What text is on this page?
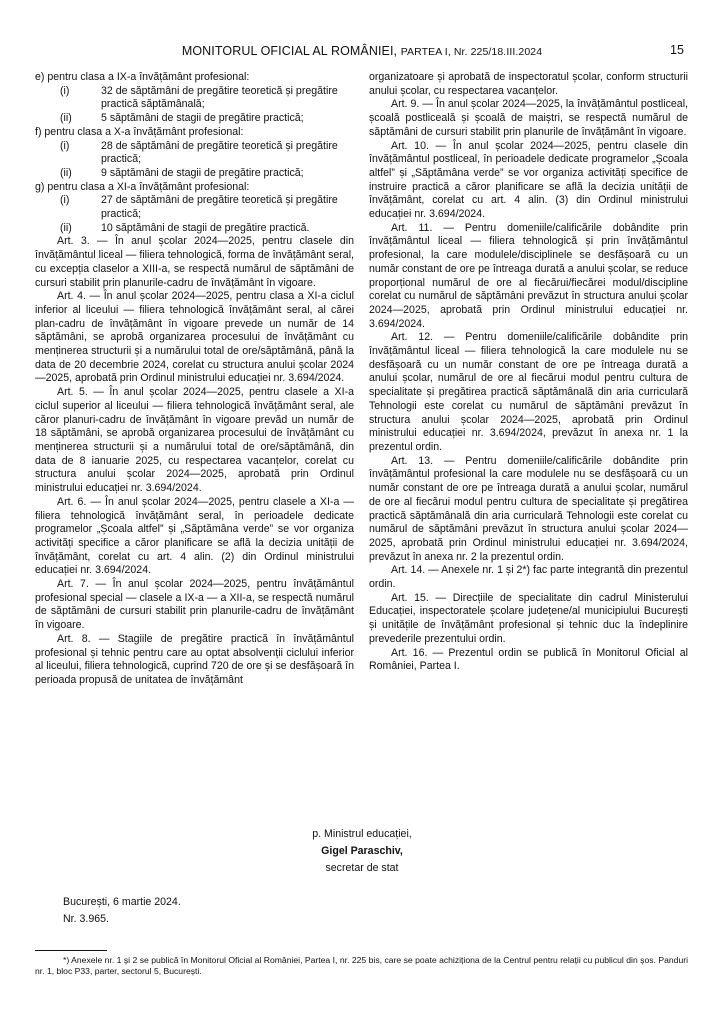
MONITORUL OFICIAL AL ROMÂNIEI, PARTEA I, Nr. 225/18.III.2024	15

e) pentru clasa a IX-a învățământ profesional:

(i)	32 de săptămâni de pregătire teoretică și pregătire practică săptămânală;

(ii)	5 săptămâni de stagii de pregătire practică;

f) pentru clasa a X-a învățământ profesional:

(i)	28 de săptămâni de pregătire teoretică și pregătire practică;

(ii)	9 săptămâni de stagii de pregătire practică;

g) pentru clasa a XI-a învățământ profesional:

(i)	27 de săptămâni de pregătire teoretică și pregătire practică;

(ii)	10 săptămâni de stagii de pregătire practică.

Art. 3. — În anul școlar 2024—2025, pentru clasele din învățământul liceal — filiera tehnologică, forma de învățământ seral, cu excepția claselor a XIII-a, se respectă numărul de săptămâni de cursuri stabilit prin planurile-cadru de învățământ în vigoare.

Art. 4. — În anul școlar 2024—2025, pentru clasa a XI-a ciclul inferior al liceului — filiera tehnologică învățământ seral, al cărei plan-cadru de învățământ în vigoare prevede un număr de 14 săptămâni, se aprobă organizarea procesului de învățământ cu menținerea structurii și a numărului total de ore/săptămână, până la data de 20 decembrie 2024, corelat cu structura anului școlar 2024—2025, aprobată prin Ordinul ministrului educației nr. 3.694/2024.

Art. 5. — În anul școlar 2024—2025, pentru clasele a XI-a ciclul superior al liceului — filiera tehnologică învățământ seral, ale căror planuri-cadru de învățământ în vigoare prevăd un număr de 18 săptămâni, se aprobă organizarea procesului de învățământ cu menținerea structurii și a numărului total de ore/săptămână, din data de 8 ianuarie 2025, cu respectarea vacanțelor, corelat cu structura anului școlar 2024—2025, aprobată prin Ordinul ministrului educației nr. 3.694/2024.

Art. 6. — În anul școlar 2024—2025, pentru clasele a XI-a — filiera tehnologică învățământ seral, în perioadele dedicate programelor „Școala altfel” și „Săptămâna verde” se vor organiza activități specifice a căror planificare se află la decizia unității de învățământ, corelat cu art. 4 alin. (2) din Ordinul ministrului educației nr. 3.694/2024.

Art. 7. — În anul școlar 2024—2025, pentru învățământul profesional special — clasele a IX-a — a XII-a, se respectă numărul de săptămâni de cursuri stabilit prin planurile-cadru de învățământ în vigoare.

Art. 8. — Stagiile de pregătire practică în învățământul profesional și tehnic pentru care au optat absolvenții ciclului inferior al liceului, filiera tehnologică, cuprind 720 de ore și se desfășoară în perioada propusă de unitatea de învățământ

organizatoare și aprobată de inspectoratul școlar, conform structurii anului școlar, cu respectarea vacanțelor.

Art. 9. — În anul școlar 2024—2025, la învățământul postliceal, școală postliceală și școală de maiștri, se respectă numărul de săptămâni de cursuri stabilit prin planurile de învățământ în vigoare.

Art. 10. — În anul școlar 2024—2025, pentru clasele din învățământul postliceal, în perioadele dedicate programelor „Școala altfel” și „Săptămâna verde” se vor organiza activități specifice de instruire practică a căror planificare se află la decizia unității de învățământ, corelat cu art. 4 alin. (3) din Ordinul ministrului educației nr. 3.694/2024.

Art. 11. — Pentru domeniile/calificările dobândite prin învățământul liceal — filiera tehnologică și prin învățământul profesional, la care modulele/disciplinele se desfășoară cu un număr constant de ore pe întreaga durată a anului școlar, se reduce proporțional numărul de ore al fiecărui/fiecărei modul/discipline corelat cu numărul de săptămâni prevăzut în structura anului școlar 2024—2025, aprobată prin Ordinul ministrului educației nr. 3.694/2024.

Art. 12. — Pentru domeniile/calificările dobândite prin învățământul liceal — filiera tehnologică la care modulele nu se desfășoară cu un număr constant de ore pe întreaga durată a anului școlar, numărul de ore al fiecărui modul pentru cultura de specialitate și pregătirea practică săptămânală din aria curriculară Tehnologii este corelat cu numărul de săptămâni prevăzut în structura anului școlar 2024—2025, aprobată prin Ordinul ministrului educației nr. 3.694/2024, prevăzut în anexa nr. 1 la prezentul ordin.

Art. 13. — Pentru domeniile/calificările dobândite prin învățământul profesional la care modulele nu se desfășoară cu un număr constant de ore pe întreaga durată a anului școlar, numărul de ore al fiecărui modul pentru cultura de specialitate și pregătirea practică săptămânală din aria curriculară Tehnologii este corelat cu numărul de săptămâni prevăzut în structura anului școlar 2024—2025, aprobată prin Ordinul ministrului educației nr. 3.694/2024, prevăzut în anexa nr. 2 la prezentul ordin.

Art. 14. — Anexele nr. 1 și 2*) fac parte integrantă din prezentul ordin.

Art. 15. — Direcțiile de specialitate din cadrul Ministerului Educației, inspectoratele școlare județene/al municipiului București și unitățile de învățământ profesional și tehnic duc la îndeplinire prevederile prezentului ordin.

Art. 16. — Prezentul ordin se publică în Monitorul Oficial al României, Partea I.

p. Ministrul educației,
Gigel Paraschiv,
secretar de stat
București, 6 martie 2024.
Nr. 3.965.
*) Anexele nr. 1 și 2 se publică în Monitorul Oficial al României, Partea I, nr. 225 bis, care se poate achiziționa de la Centrul pentru relații cu publicul din șos. Panduri nr. 1, bloc P33, parter, sectorul 5, București.
